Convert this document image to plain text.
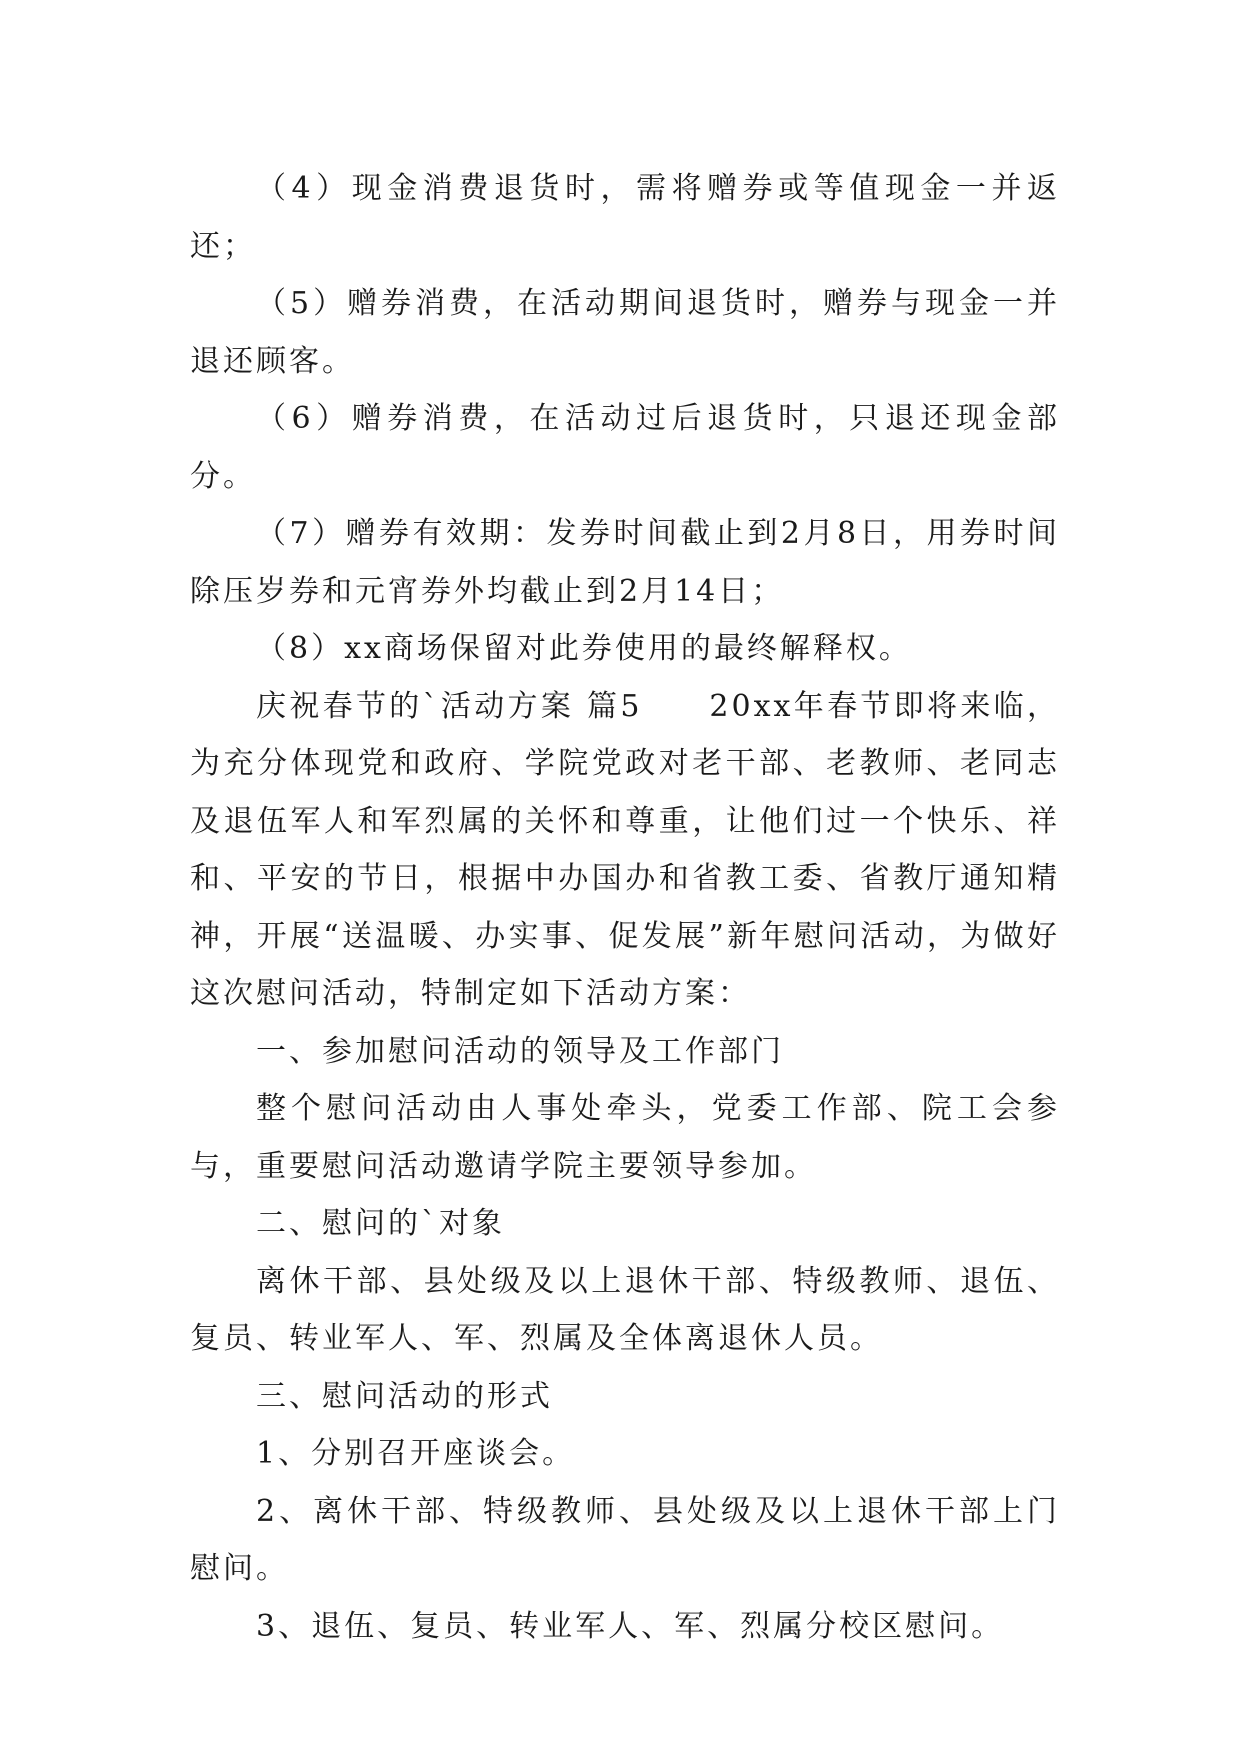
（4）现金消费退货时，需将赠券或等值现金一并返还；

（5）赠券消费，在活动期间退货时，赠券与现金一并退还顾客。

（6）赠券消费，在活动过后退货时，只退还现金部分。

（7）赠券有效期：发券时间截止到2月8日，用券时间除压岁券和元宵券外均截止到2月14日；

（8）xx商场保留对此券使用的最终解释权。

庆祝春节的`活动方案 篇5　　20xx年春节即将来临，为充分体现党和政府、学院党政对老干部、老教师、老同志及退伍军人和军烈属的关怀和尊重，让他们过一个快乐、祥和、平安的节日，根据中办国办和省教工委、省教厅通知精神，开展“送温暖、办实事、促发展”新年慰问活动，为做好这次慰问活动，特制定如下活动方案：

一、参加慰问活动的领导及工作部门

整个慰问活动由人事处牵头，党委工作部、院工会参与，重要慰问活动邀请学院主要领导参加。

二、慰问的`对象

离休干部、县处级及以上退休干部、特级教师、退伍、复员、转业军人、军、烈属及全体离退休人员。

三、慰问活动的形式

1、分别召开座谈会。

2、离休干部、特级教师、县处级及以上退休干部上门慰问。

3、退伍、复员、转业军人、军、烈属分校区慰问。
